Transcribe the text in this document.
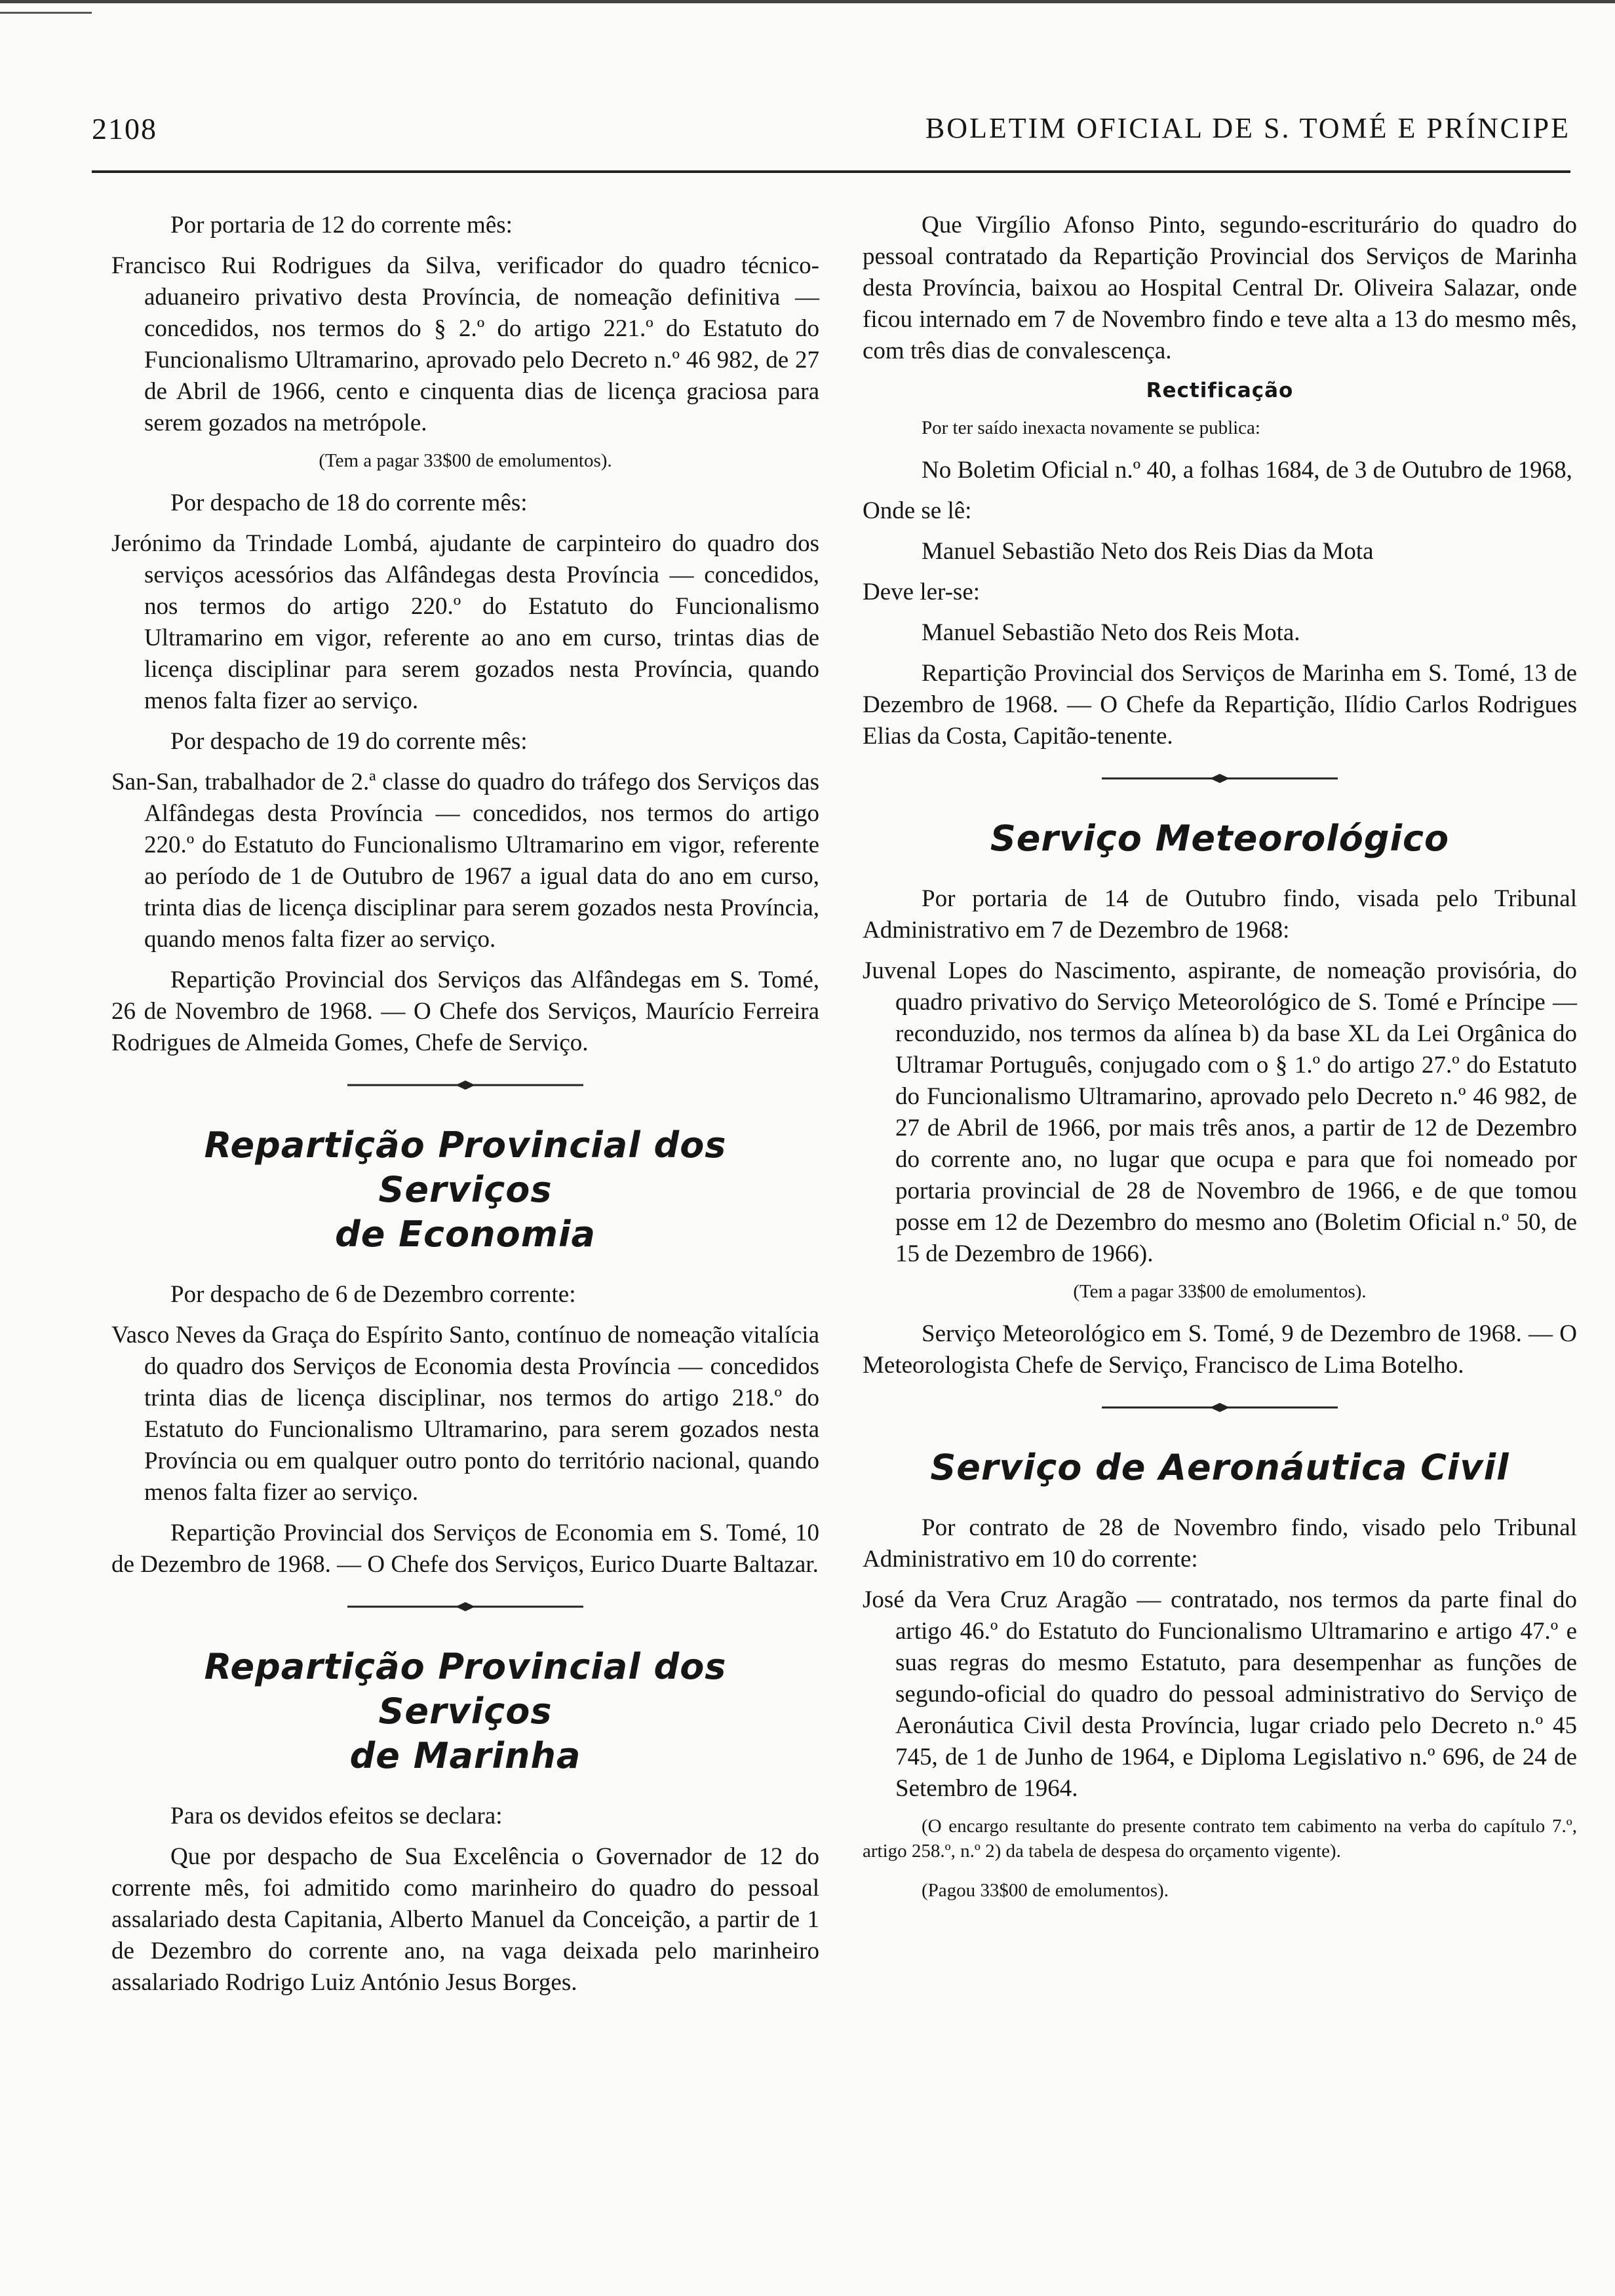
2108	BOLETIM OFICIAL DE S. TOMÉ E PRÍNCIPE

Por portaria de 12 do corrente mês:

Francisco Rui Rodrigues da Silva, verificador do quadro técnico-aduaneiro privativo desta Província, de nomeação definitiva — concedidos, nos termos do § 2.º do artigo 221.º do Estatuto do Funcionalismo Ultramarino, aprovado pelo Decreto n.º 46 982, de 27 de Abril de 1966, cento e cinquenta dias de licença graciosa para serem gozados na metrópole.

(Tem a pagar 33$00 de emolumentos).

Por despacho de 18 do corrente mês:

Jerónimo da Trindade Lombá, ajudante de carpinteiro do quadro dos serviços acessórios das Alfândegas desta Província — concedidos, nos termos do artigo 220.º do Estatuto do Funcionalismo Ultramarino em vigor, referente ao ano em curso, trintas dias de licença disciplinar para serem gozados nesta Província, quando menos falta fizer ao serviço.

Por despacho de 19 do corrente mês:

San-San, trabalhador de 2.ª classe do quadro do tráfego dos Serviços das Alfândegas desta Província — concedidos, nos termos do artigo 220.º do Estatuto do Funcionalismo Ultramarino em vigor, referente ao período de 1 de Outubro de 1967 a igual data do ano em curso, trinta dias de licença disciplinar para serem gozados nesta Província, quando menos falta fizer ao serviço.

Repartição Provincial dos Serviços das Alfândegas em S. Tomé, 26 de Novembro de 1968. — O Chefe dos Serviços, Maurício Ferreira Rodrigues de Almeida Gomes, Chefe de Serviço.

Repartição Provincial dos Serviços
de Economia

Por despacho de 6 de Dezembro corrente:

Vasco Neves da Graça do Espírito Santo, contínuo de nomeação vitalícia do quadro dos Serviços de Economia desta Província — concedidos trinta dias de licença disciplinar, nos termos do artigo 218.º do Estatuto do Funcionalismo Ultramarino, para serem gozados nesta Província ou em qualquer outro ponto do território nacional, quando menos falta fizer ao serviço.

Repartição Provincial dos Serviços de Economia em S. Tomé, 10 de Dezembro de 1968. — O Chefe dos Serviços, Eurico Duarte Baltazar.

Repartição Provincial dos Serviços
de Marinha

Para os devidos efeitos se declara:

Que por despacho de Sua Excelência o Governador de 12 do corrente mês, foi admitido como marinheiro do quadro do pessoal assalariado desta Capitania, Alberto Manuel da Conceição, a partir de 1 de Dezembro do corrente ano, na vaga deixada pelo marinheiro assalariado Rodrigo Luiz António Jesus Borges.

Que Virgílio Afonso Pinto, segundo-escriturário do quadro do pessoal contratado da Repartição Provincial dos Serviços de Marinha desta Província, baixou ao Hospital Central Dr. Oliveira Salazar, onde ficou internado em 7 de Novembro findo e teve alta a 13 do mesmo mês, com três dias de convalescença.

Rectificação

Por ter saído inexacta novamente se publica:

No Boletim Oficial n.º 40, a folhas 1684, de 3 de Outubro de 1968,

Onde se lê:

Manuel Sebastião Neto dos Reis Dias da Mota

Deve ler-se:

Manuel Sebastião Neto dos Reis Mota.

Repartição Provincial dos Serviços de Marinha em S. Tomé, 13 de Dezembro de 1968. — O Chefe da Repartição, Ilídio Carlos Rodrigues Elias da Costa, Capitão-tenente.

Serviço Meteorológico

Por portaria de 14 de Outubro findo, visada pelo Tribunal Administrativo em 7 de Dezembro de 1968:

Juvenal Lopes do Nascimento, aspirante, de nomeação provisória, do quadro privativo do Serviço Meteorológico de S. Tomé e Príncipe — reconduzido, nos termos da alínea b) da base XL da Lei Orgânica do Ultramar Português, conjugado com o § 1.º do artigo 27.º do Estatuto do Funcionalismo Ultramarino, aprovado pelo Decreto n.º 46 982, de 27 de Abril de 1966, por mais três anos, a partir de 12 de Dezembro do corrente ano, no lugar que ocupa e para que foi nomeado por portaria provincial de 28 de Novembro de 1966, e de que tomou posse em 12 de Dezembro do mesmo ano (Boletim Oficial n.º 50, de 15 de Dezembro de 1966).

(Tem a pagar 33$00 de emolumentos).

Serviço Meteorológico em S. Tomé, 9 de Dezembro de 1968. — O Meteorologista Chefe de Serviço, Francisco de Lima Botelho.

Serviço de Aeronáutica Civil

Por contrato de 28 de Novembro findo, visado pelo Tribunal Administrativo em 10 do corrente:

José da Vera Cruz Aragão — contratado, nos termos da parte final do artigo 46.º do Estatuto do Funcionalismo Ultramarino e artigo 47.º e suas regras do mesmo Estatuto, para desempenhar as funções de segundo-oficial do quadro do pessoal administrativo do Serviço de Aeronáutica Civil desta Província, lugar criado pelo Decreto n.º 45 745, de 1 de Junho de 1964, e Diploma Legislativo n.º 696, de 24 de Setembro de 1964.

(O encargo resultante do presente contrato tem cabimento na verba do capítulo 7.º, artigo 258.º, n.º 2) da tabela de despesa do orçamento vigente).

(Pagou 33$00 de emolumentos).
